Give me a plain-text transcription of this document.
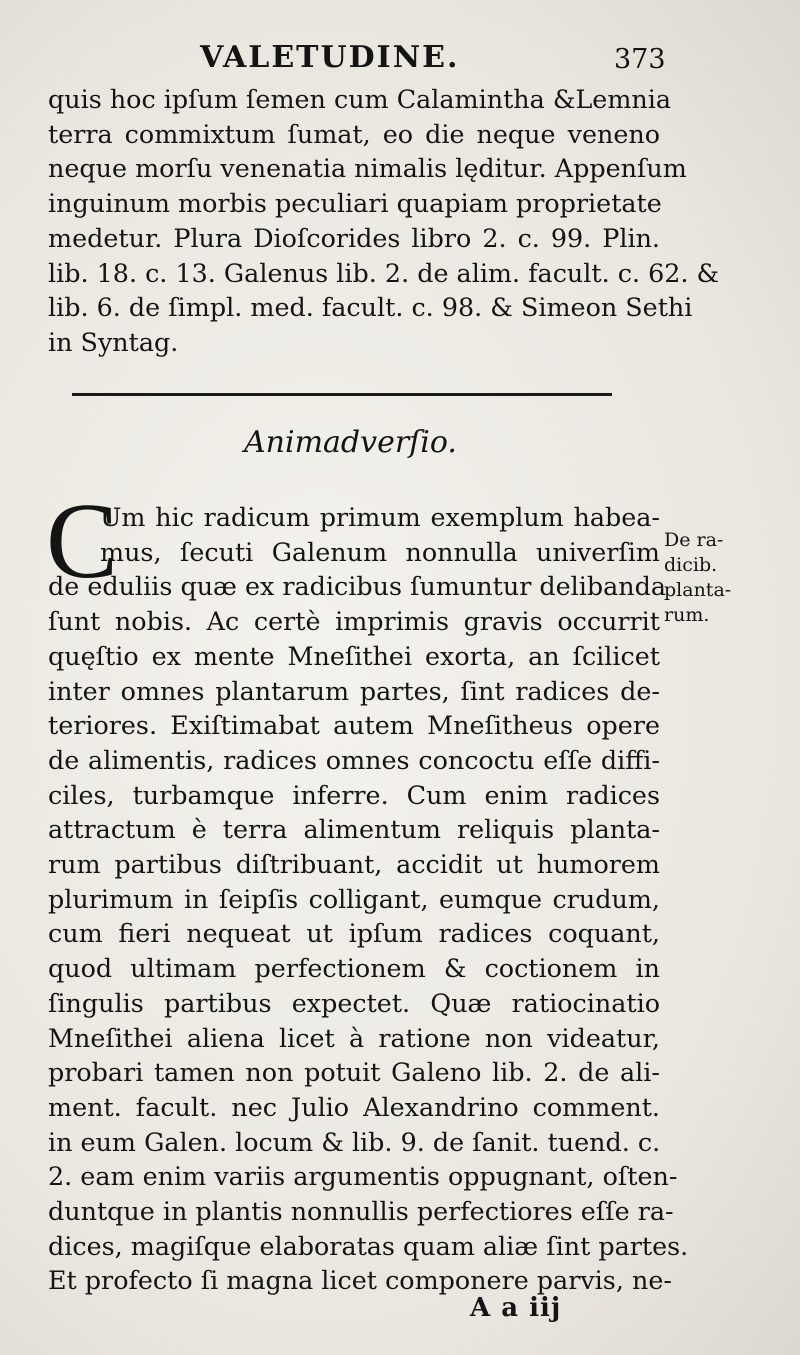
VALETUDINE.	373
quis hoc ipſum ſemen cum Calamintha &Lemnia
terra commixtum ſumat, eo die neque veneno
neque morſu venenatia nimalis lęditur. Appenſum
inguinum morbis peculiari quapiam proprietate
medetur. Plura Dioſcorides libro 2. c. 99. Plin.
lib. 18. c. 13. Galenus lib. 2. de alim. facult. c. 62. &
lib. 6. de ſimpl. med. facult. c. 98. & Simeon Sethi
in Syntag.
Animadverſio.
C
Um hic radicum primum exemplum habea-
mus, ſecuti Galenum nonnulla univerſim
de eduliis quæ ex radicibus ſumuntur delibanda
ſunt nobis. Ac certè imprimis gravis occurrit
quęſtio ex mente Mneſithei exorta, an ſcilicet
inter omnes plantarum partes, ſint radices de-
teriores. Exiſtimabat autem Mneſitheus opere
de alimentis, radices omnes concoctu eſſe diffi-
ciles, turbamque inferre. Cum enim radices
attractum è terra alimentum reliquis planta-
rum partibus diſtribuant, accidit ut humorem
plurimum in ſeipſis colligant, eumque crudum,
cum fieri nequeat ut ipſum radices coquant,
quod ultimam perfectionem & coctionem in
ſingulis partibus expectet. Quæ ratiocinatio
Mneſithei aliena licet à ratione non videatur,
probari tamen non potuit Galeno lib. 2. de ali-
ment. facult. nec Julio Alexandrino comment.
in eum Galen. locum & lib. 9. de ſanit. tuend. c.
2. eam enim variis argumentis oppugnant, oſten-
duntque in plantis nonnullis perfectiores eſſe ra-
dices, magiſque elaboratas quam aliæ ſint partes.
Et profecto ſi magna licet componere parvis, ne-
De ra-
dicib.
planta-
rum.
A a iij
